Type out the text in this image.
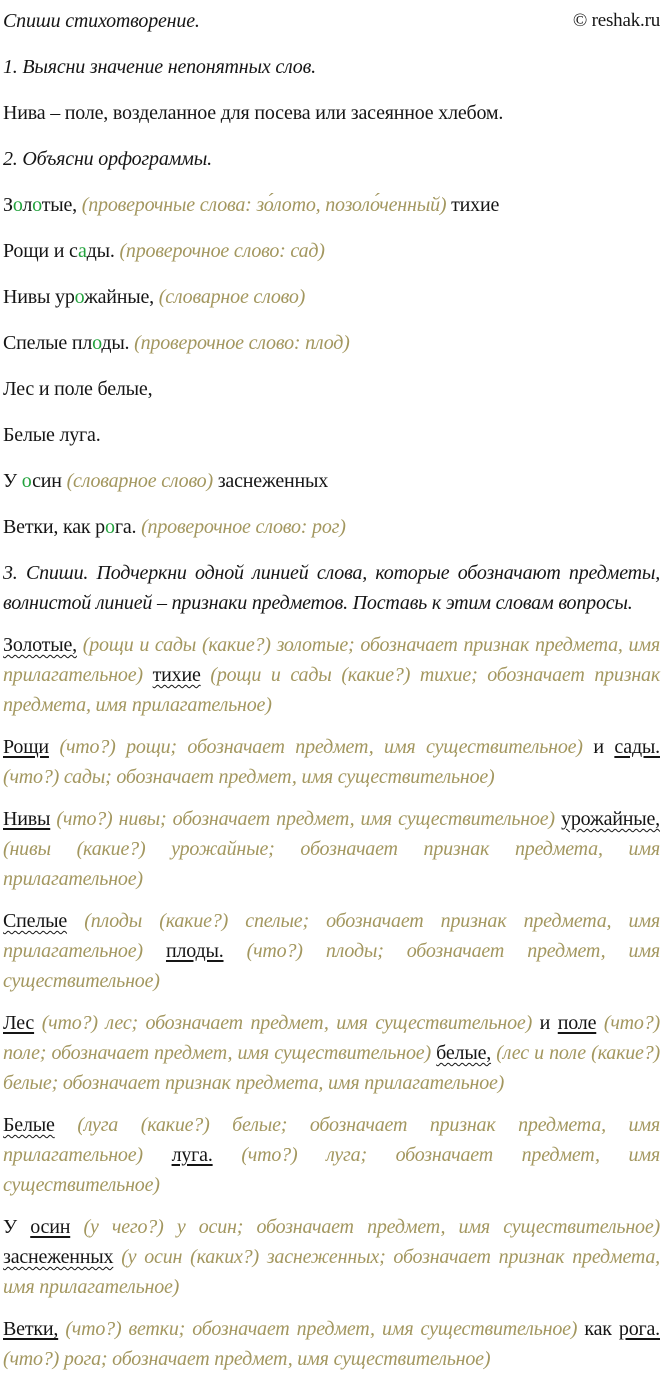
Спиши стихотворение.	© reshak.ru
1. Выясни значение непонятных слов.
Нива – поле, возделанное для посева или засеянное хлебом.
2. Объясни орфограммы.
Золотые, (проверочные слова: зо́лото, позоло́ченный) тихие
Рощи и сады. (проверочное слово: сад)
Нивы урожайные, (словарное слово)
Спелые плоды. (проверочное слово: плод)
Лес и поле белые,
Белые луга.
У осин (словарное слово) заснеженных
Ветки, как рога. (проверочное слово: рог)
3. Спиши. Подчеркни одной линией слова, которые обозначают предметы, волнистой линией – признаки предметов. Поставь к этим словам вопросы.
Золотые, (рощи и сады (какие?) золотые; обозначает признак предмета, имя прилагательное) тихие (рощи и сады (какие?) тихие; обозначает признак предмета, имя прилагательное)
Рощи (что?) рощи; обозначает предмет, имя существительное) и сады. (что?) сады; обозначает предмет, имя существительное)
Нивы (что?) нивы; обозначает предмет, имя существительное) урожайные, (нивы (какие?) урожайные; обозначает признак предмета, имя прилагательное)
Спелые (плоды (какие?) спелые; обозначает признак предмета, имя прилагательное) плоды. (что?) плоды; обозначает предмет, имя существительное)
Лес (что?) лес; обозначает предмет, имя существительное) и поле (что?) поле; обозначает предмет, имя существительное) белые, (лес и поле (какие?) белые; обозначает признак предмета, имя прилагательное)
Белые (луга (какие?) белые; обозначает признак предмета, имя прилагательное) луга. (что?) луга; обозначает предмет, имя существительное)
У осин (у чего?) у осин; обозначает предмет, имя существительное) заснеженных (у осин (каких?) заснеженных; обозначает признак предмета, имя прилагательное)
Ветки, (что?) ветки; обозначает предмет, имя существительное) как рога. (что?) рога; обозначает предмет, имя существительное)
